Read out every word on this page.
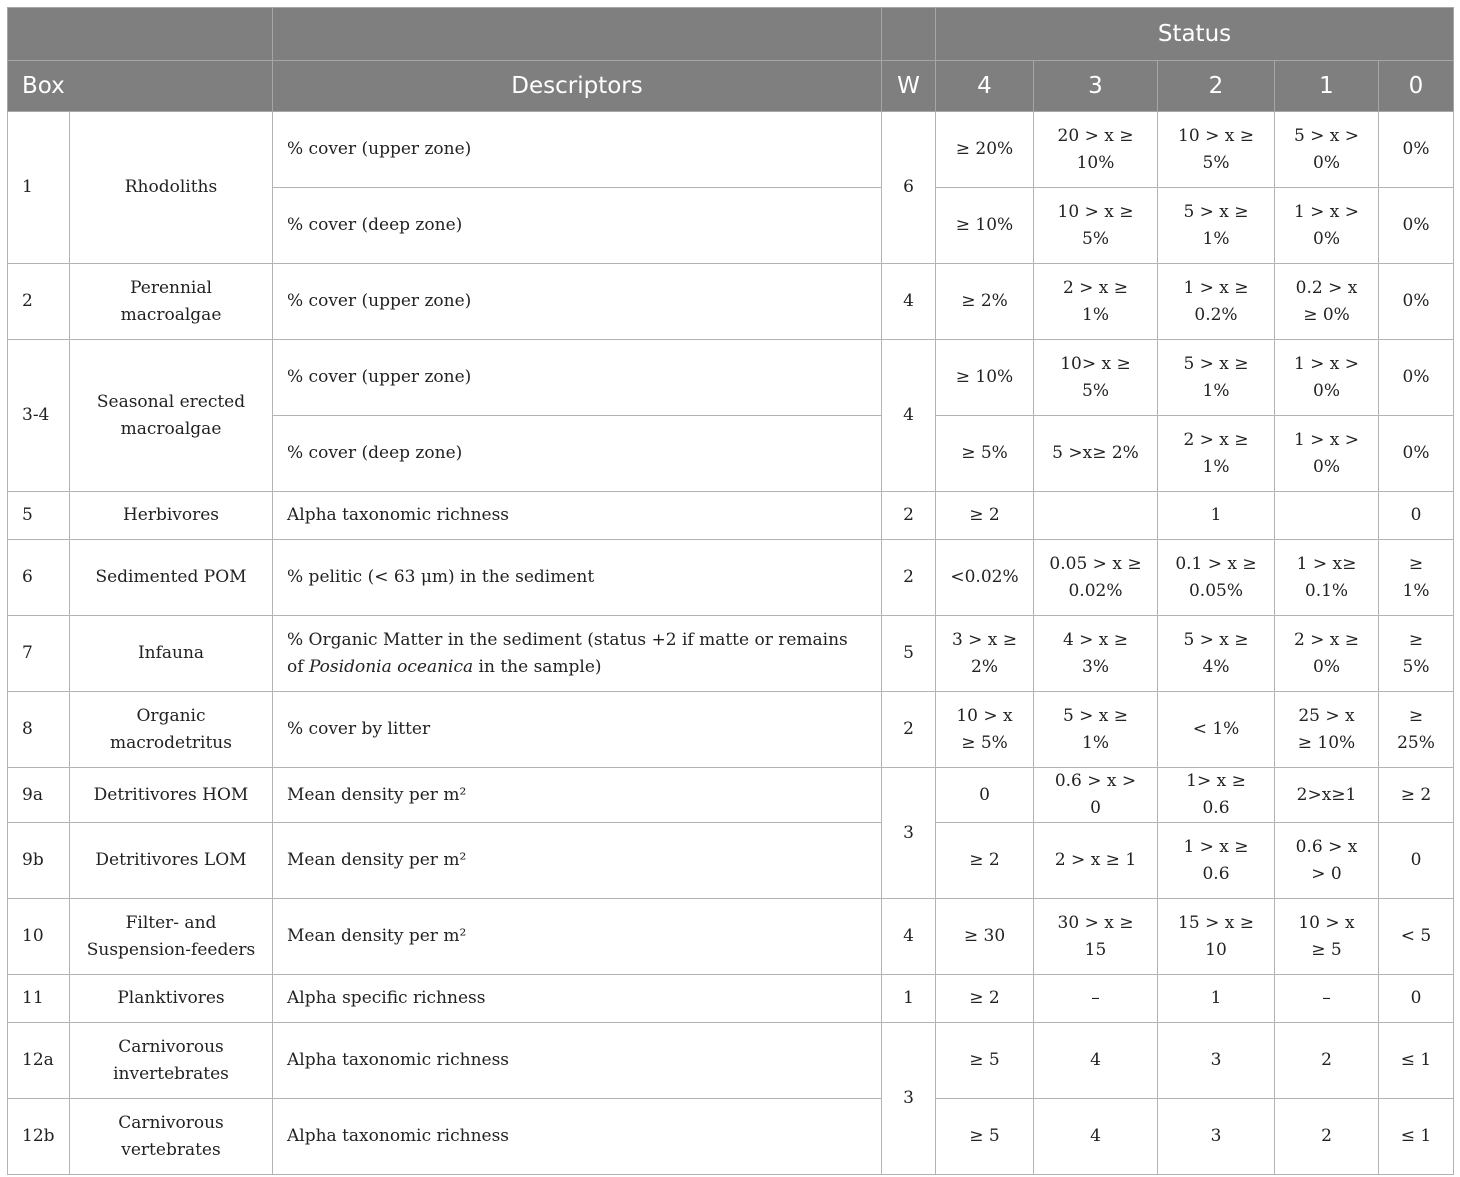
				Status				
Box		Descriptors	W	4	3	2	1	0
1	Rhodoliths	% cover (upper zone)	6	≥ 20%	20 > x ≥ 10%	10 > x ≥ 5%	5 > x > 0%	0%
		% cover (deep zone)		≥ 10%	10 > x ≥ 5%	5 > x ≥ 1%	1 > x > 0%	0%
2	Perennial macroalgae	% cover (upper zone)	4	≥ 2%	2 > x ≥ 1%	1 > x ≥ 0.2%	0.2 > x ≥ 0%	0%
3-4	Seasonal erected macroalgae	% cover (upper zone)	4	≥ 10%	10> x ≥ 5%	5 > x ≥ 1%	1 > x > 0%	0%
		% cover (deep zone)		≥ 5%	5 >x≥ 2%	2 > x ≥ 1%	1 > x > 0%	0%
5	Herbivores	Alpha taxonomic richness	2	≥ 2		1		0
6	Sedimented POM	% pelitic (< 63 μm) in the sediment	2	<0.02%	0.05 > x ≥ 0.02%	0.1 > x ≥ 0.05%	1 > x≥ 0.1%	≥ 1%
7	Infauna	% Organic Matter in the sediment (status +2 if matte or remains of Posidonia oceanica in the sample)	5	3 > x ≥ 2%	4 > x ≥ 3%	5 > x ≥ 4%	2 > x ≥ 0%	≥ 5%
8	Organic macrodetritus	% cover by litter	2	10 > x ≥ 5%	5 > x ≥ 1%	< 1%	25 > x ≥ 10%	≥ 25%
9a	Detritivores HOM	Mean density per m²	3	0	0.6 > x > 0	1> x ≥ 0.6	2>x≥1	≥ 2
9b	Detritivores LOM	Mean density per m²		≥ 2	2 > x ≥ 1	1 > x ≥ 0.6	0.6 > x > 0	0
10	Filter- and Suspension-feeders	Mean density per m²	4	≥ 30	30 > x ≥ 15	15 > x ≥ 10	10 > x ≥ 5	< 5
11	Planktivores	Alpha specific richness	1	≥ 2	–	1	–	0
12a	Carnivorous invertebrates	Alpha taxonomic richness	3	≥ 5	4	3	2	≤ 1
12b	Carnivorous vertebrates	Alpha taxonomic richness		≥ 5	4	3	2	≤ 1
